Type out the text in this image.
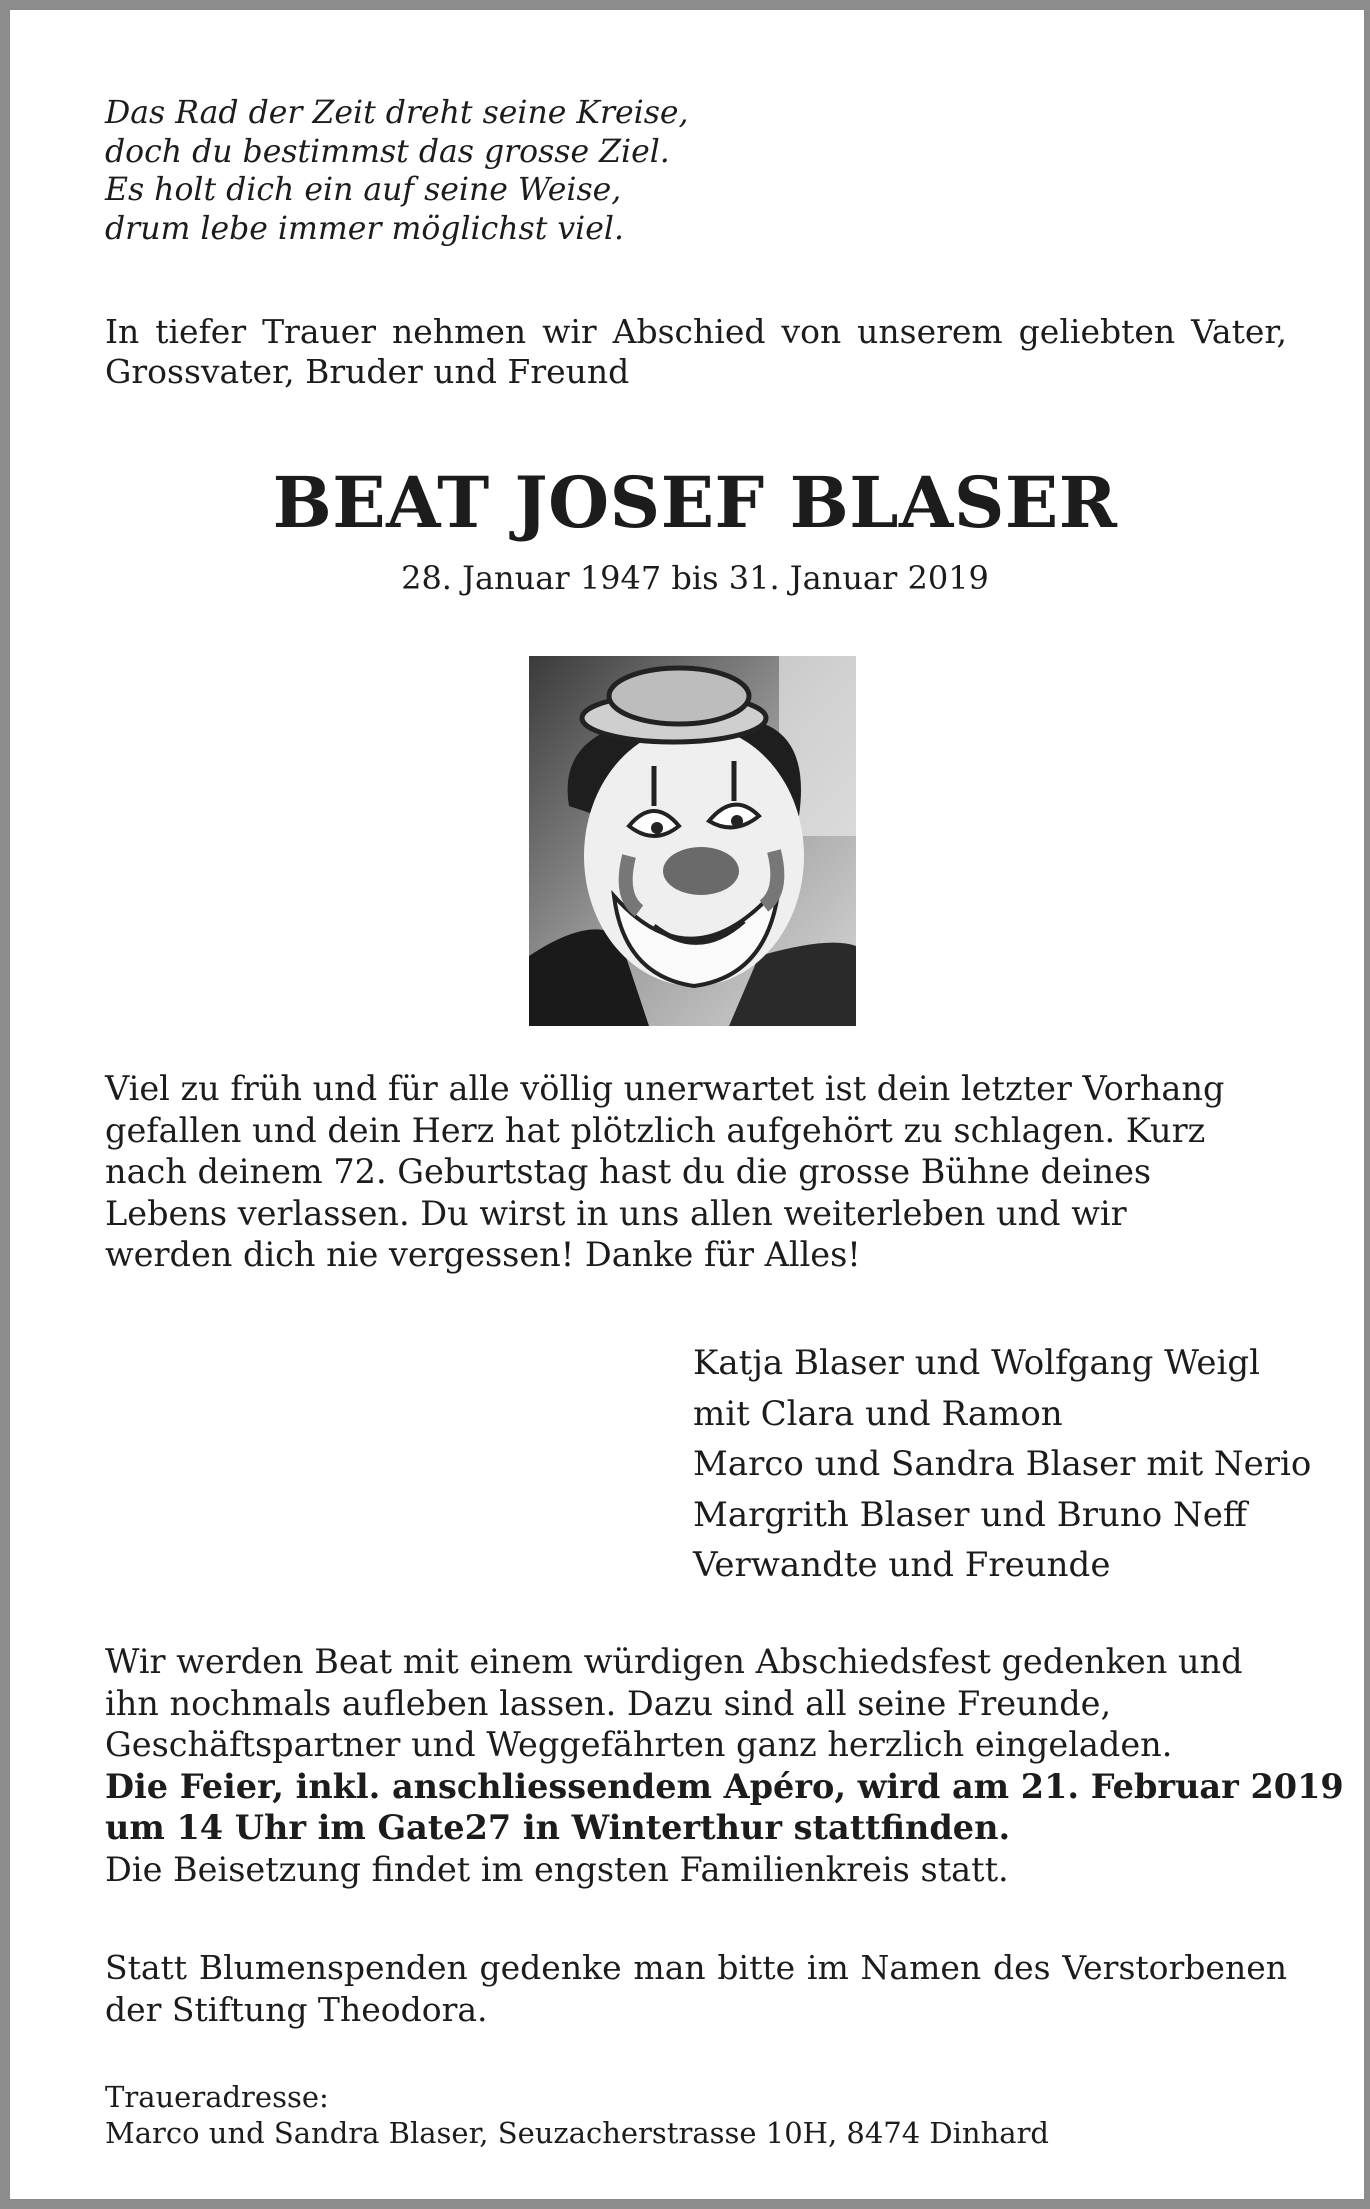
Das Rad der Zeit dreht seine Kreise,
doch du bestimmst das grosse Ziel.
Es holt dich ein auf seine Weise,
drum lebe immer möglichst viel.
In tiefer Trauer nehmen wir Abschied von unserem geliebten Vater, Grossvater, Bruder und Freund
BEAT JOSEF BLASER
28. Januar 1947 bis 31. Januar 2019
Viel zu früh und für alle völlig unerwartet ist dein letzter Vorhang
gefallen und dein Herz hat plötzlich aufgehört zu schlagen. Kurz
nach deinem 72. Geburtstag hast du die grosse Bühne deines
Lebens verlassen. Du wirst in uns allen weiterleben und wir
werden dich nie vergessen! Danke für Alles!
Katja Blaser und Wolfgang Weigl
mit Clara und Ramon
Marco und Sandra Blaser mit Nerio
Margrith Blaser und Bruno Neff
Verwandte und Freunde
Wir werden Beat mit einem würdigen Abschiedsfest gedenken und
ihn nochmals aufleben lassen. Dazu sind all seine Freunde,
Geschäftspartner und Weggefährten ganz herzlich eingeladen.
Die Feier, inkl. anschliessendem Apéro, wird am 21. Februar 2019
um 14 Uhr im Gate27 in Winterthur stattfinden.
Die Beisetzung findet im engsten Familienkreis statt.
Statt Blumenspenden gedenke man bitte im Namen des Verstorbenen der Stiftung Theodora.
Traueradresse:
Marco und Sandra Blaser, Seuzacherstrasse 10H, 8474 Dinhard
